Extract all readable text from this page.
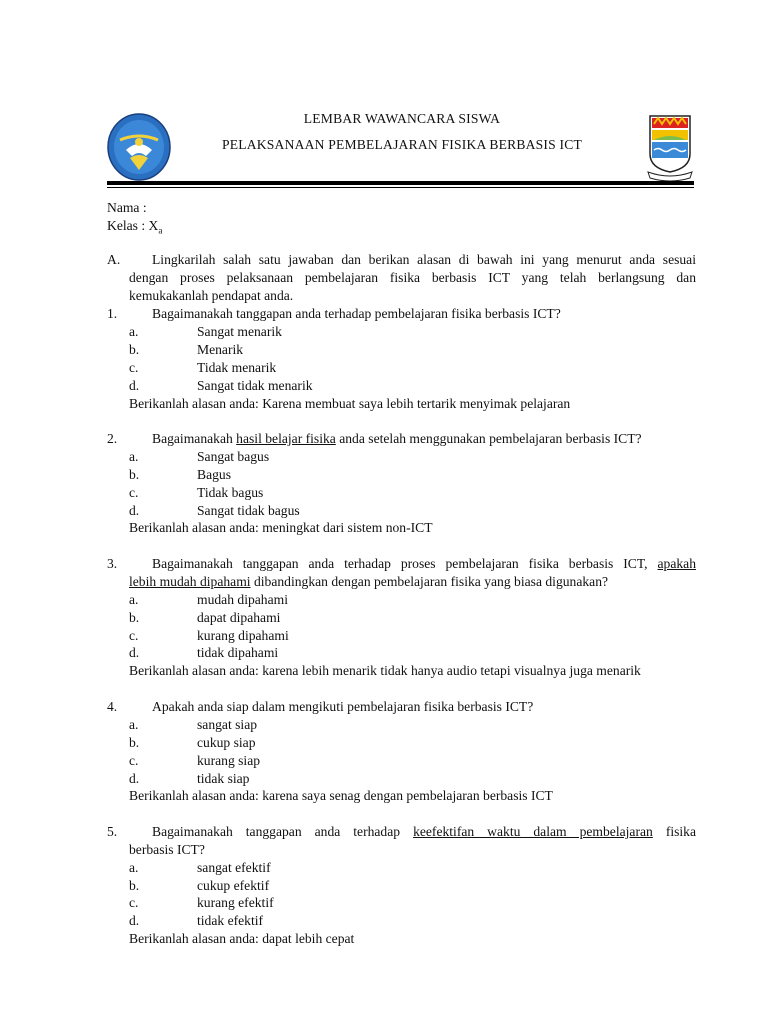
LEMBAR WAWANCARA SISWA
PELAKSANAAN PEMBELAJARAN FISIKA BERBASIS ICT
Nama :
Kelas : $X_a$
A. Lingkarilah salah satu jawaban dan berikan alasan di bawah ini yang menurut anda sesuai
dengan proses pelaksanaan pembelajaran fisika berbasis ICT yang telah berlangsung dan
kemukakanlah pendapat anda.
1.	Bagaimanakah tanggapan anda terhadap pembelajaran fisika berbasis ICT?
a.	Sangat menarik
b.	Menarik
c.	Tidak menarik
d.	Sangat tidak menarik
Berikanlah alasan anda: Karena membuat saya lebih tertarik menyimak pelajaran
2.	Bagaimanakah hasil belajar fisika anda setelah menggunakan pembelajaran berbasis ICT?
a.	Sangat bagus
b.	Bagus
c.	Tidak bagus
d.	Sangat tidak bagus
Berikanlah alasan anda: meningkat dari sistem non-ICT
3.	Bagaimanakah tanggapan anda terhadap proses pembelajaran fisika berbasis ICT, apakah
lebih mudah dipahami dibandingkan dengan pembelajaran fisika yang biasa digunakan?
a.	mudah dipahami
b.	dapat dipahami
c.	kurang dipahami
d.	tidak dipahami
Berikanlah alasan anda: karena lebih menarik tidak hanya audio tetapi visualnya juga menarik
4.	Apakah anda siap dalam mengikuti pembelajaran fisika berbasis ICT?
a.	sangat siap
b.	cukup siap
c.	kurang siap
d.	tidak siap
Berikanlah alasan anda: karena saya senag dengan pembelajaran berbasis ICT
5.	Bagaimanakah tanggapan anda terhadap keefektifan waktu dalam pembelajaran fisika
berbasis ICT?
a.	sangat efektif
b.	cukup efektif
c.	kurang efektif
d.	tidak efektif
Berikanlah alasan anda: dapat lebih cepat
